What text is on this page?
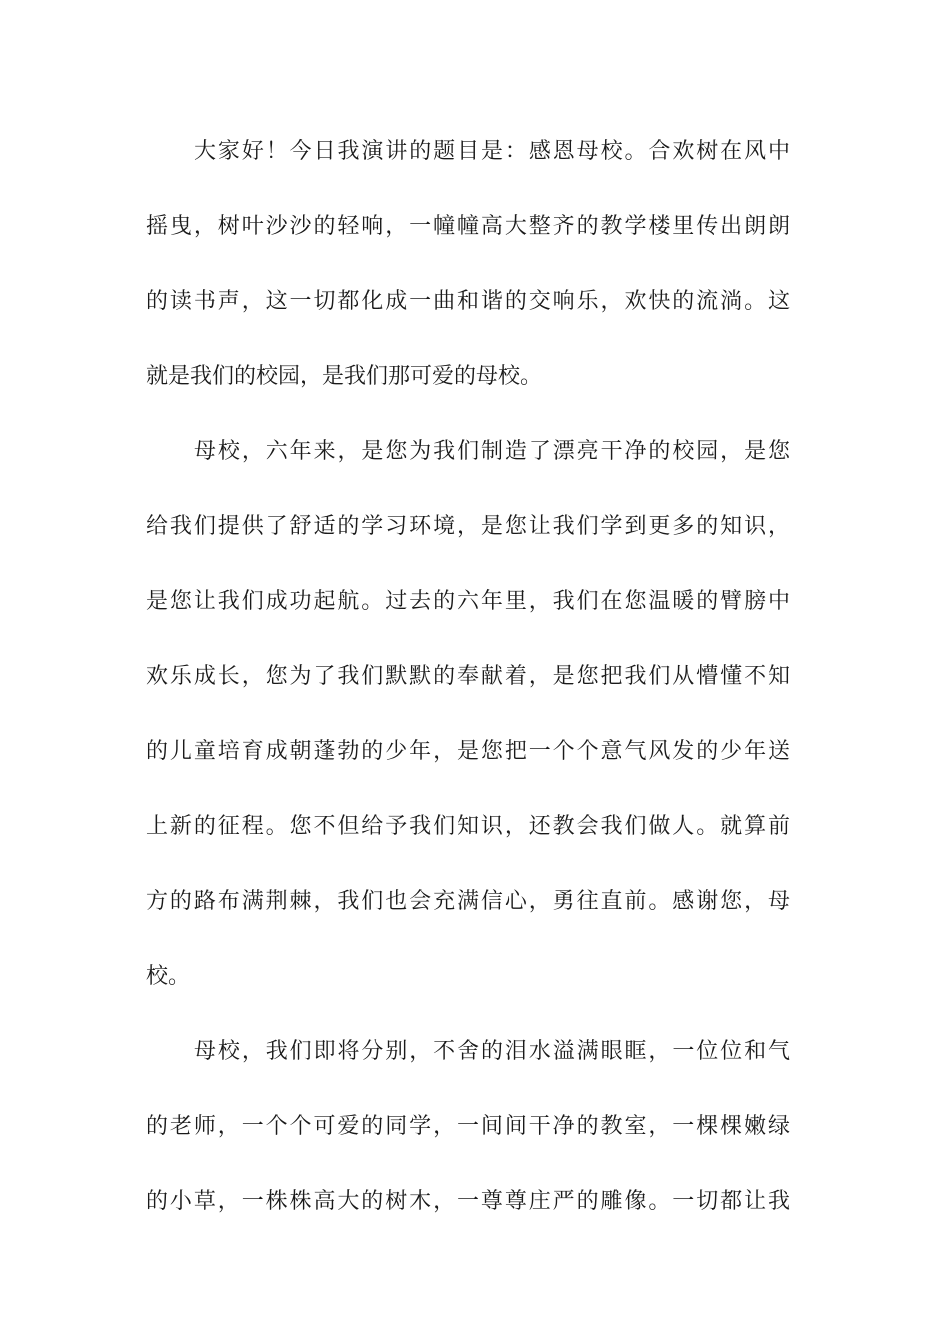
大家好！今日我演讲的题目是：感恩母校。合欢树在风中
摇曳，树叶沙沙的轻响，一幢幢高大整齐的教学楼里传出朗朗
的读书声，这一切都化成一曲和谐的交响乐，欢快的流淌。这
就是我们的校园，是我们那可爱的母校。
母校，六年来，是您为我们制造了漂亮干净的校园，是您
给我们提供了舒适的学习环境，是您让我们学到更多的知识，
是您让我们成功起航。过去的六年里，我们在您温暖的臂膀中
欢乐成长，您为了我们默默的奉献着，是您把我们从懵懂不知
的儿童培育成朝蓬勃的少年，是您把一个个意气风发的少年送
上新的征程。您不但给予我们知识，还教会我们做人。就算前
方的路布满荆棘，我们也会充满信心，勇往直前。感谢您，母
校。
母校，我们即将分别，不舍的泪水溢满眼眶，一位位和气
的老师，一个个可爱的同学，一间间干净的教室，一棵棵嫩绿
的小草，一株株高大的树木，一尊尊庄严的雕像。一切都让我
